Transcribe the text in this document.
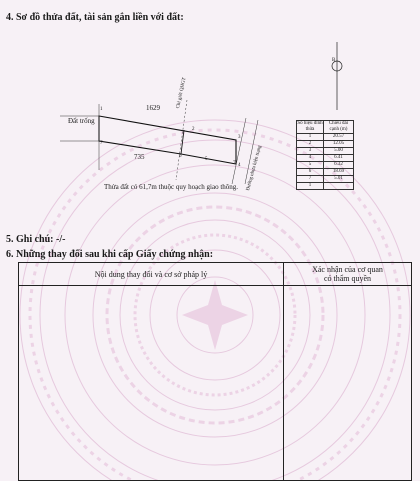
4. Sơ đồ thửa đất, tài sản gắn liền với đất:
B
1629
Đất trống
735
Chỉ giới QHGT
Đường nhựa hiện trạng
1
2
3
4
5
6
7
7
Thửa đất có 61,7m thuộc quy hoạch giao thông.
Số hiệu đỉnh thửa	Chiều dài cạnh (m)
1	20.57
2	12.05
3	5.00
4	6.41
5	6.32
6	18.69
7	5.01
1	
5. Ghi chú: -/-
6. Những thay đổi sau khi cấp Giấy chứng nhận:
Nội dung thay đổi và cơ sở pháp lý	Xác nhận của cơ quan
có thẩm quyền
